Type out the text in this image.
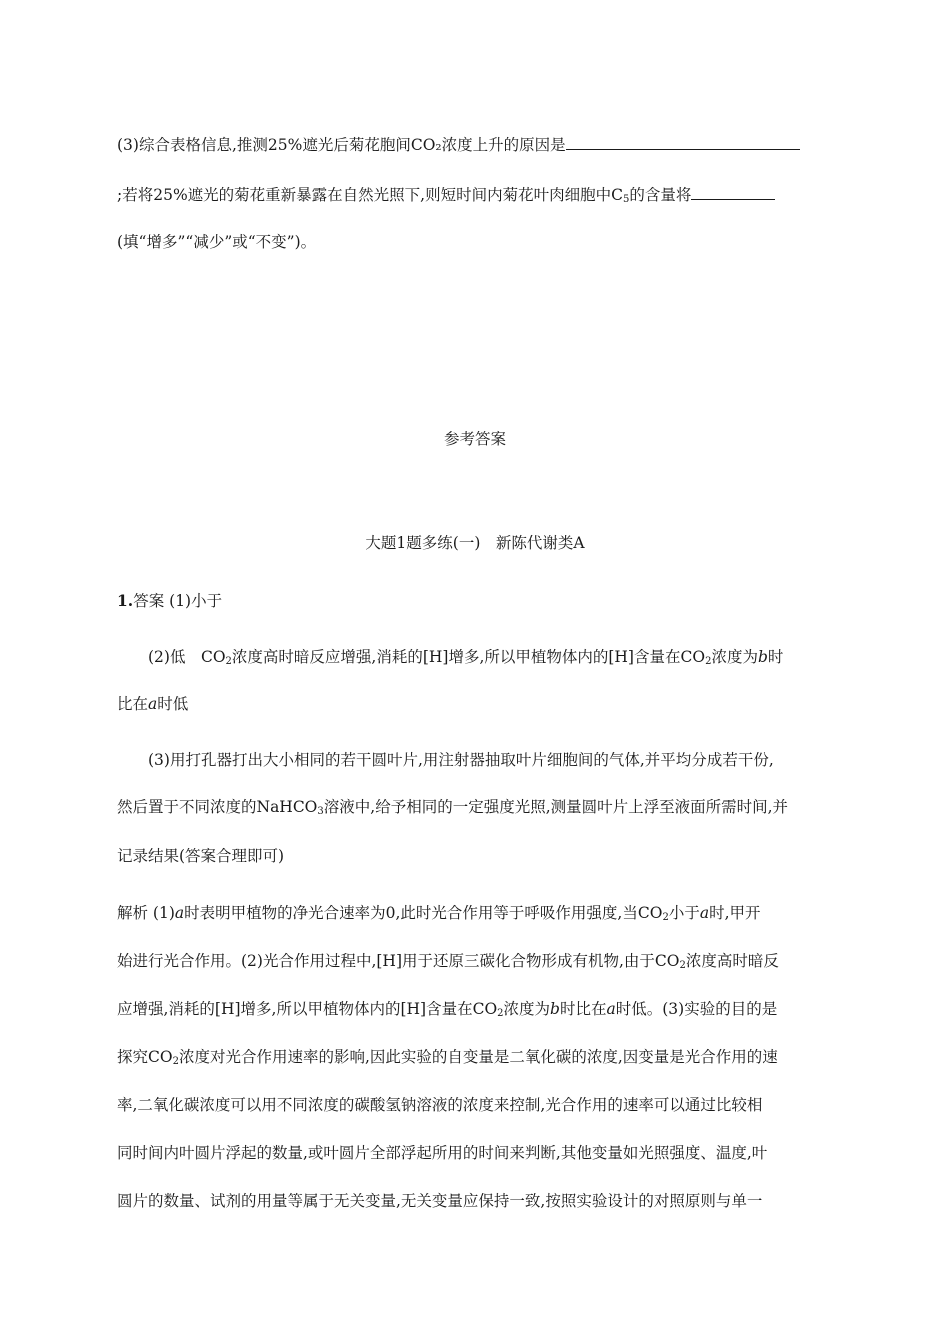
(3)综合表格信息,推测25%遮光后菊花胞间CO₂浓度上升的原因是
;若将25%遮光的菊花重新暴露在自然光照下,则短时间内菊花叶肉细胞中$C_5$的含量将
(填“增多”“减少”或“不变”)。
参考答案
大题1题多练(一)　新陈代谢类A
1.答案 (1)小于
(2)低　$CO_2$浓度高时暗反应增强,消耗的[H]增多,所以甲植物体内的[H]含量在$CO_2$浓度为b时
比在a时低
(3)用打孔器打出大小相同的若干圆叶片,用注射器抽取叶片细胞间的气体,并平均分成若干份,
然后置于不同浓度的NaHCO$_3$溶液中,给予相同的一定强度光照,测量圆叶片上浮至液面所需时间,并
记录结果(答案合理即可)
解析 (1)a时表明甲植物的净光合速率为0,此时光合作用等于呼吸作用强度,当$CO_2$小于a时,甲开
始进行光合作用。(2)光合作用过程中,[H]用于还原三碳化合物形成有机物,由于$CO_2$浓度高时暗反
应增强,消耗的[H]增多,所以甲植物体内的[H]含量在$CO_2$浓度为b时比在a时低。(3)实验的目的是
探究$CO_2$浓度对光合作用速率的影响,因此实验的自变量是二氧化碳的浓度,因变量是光合作用的速
率,二氧化碳浓度可以用不同浓度的碳酸氢钠溶液的浓度来控制,光合作用的速率可以通过比较相
同时间内叶圆片浮起的数量,或叶圆片全部浮起所用的时间来判断,其他变量如光照强度、温度,叶
圆片的数量、试剂的用量等属于无关变量,无关变量应保持一致,按照实验设计的对照原则与单一
